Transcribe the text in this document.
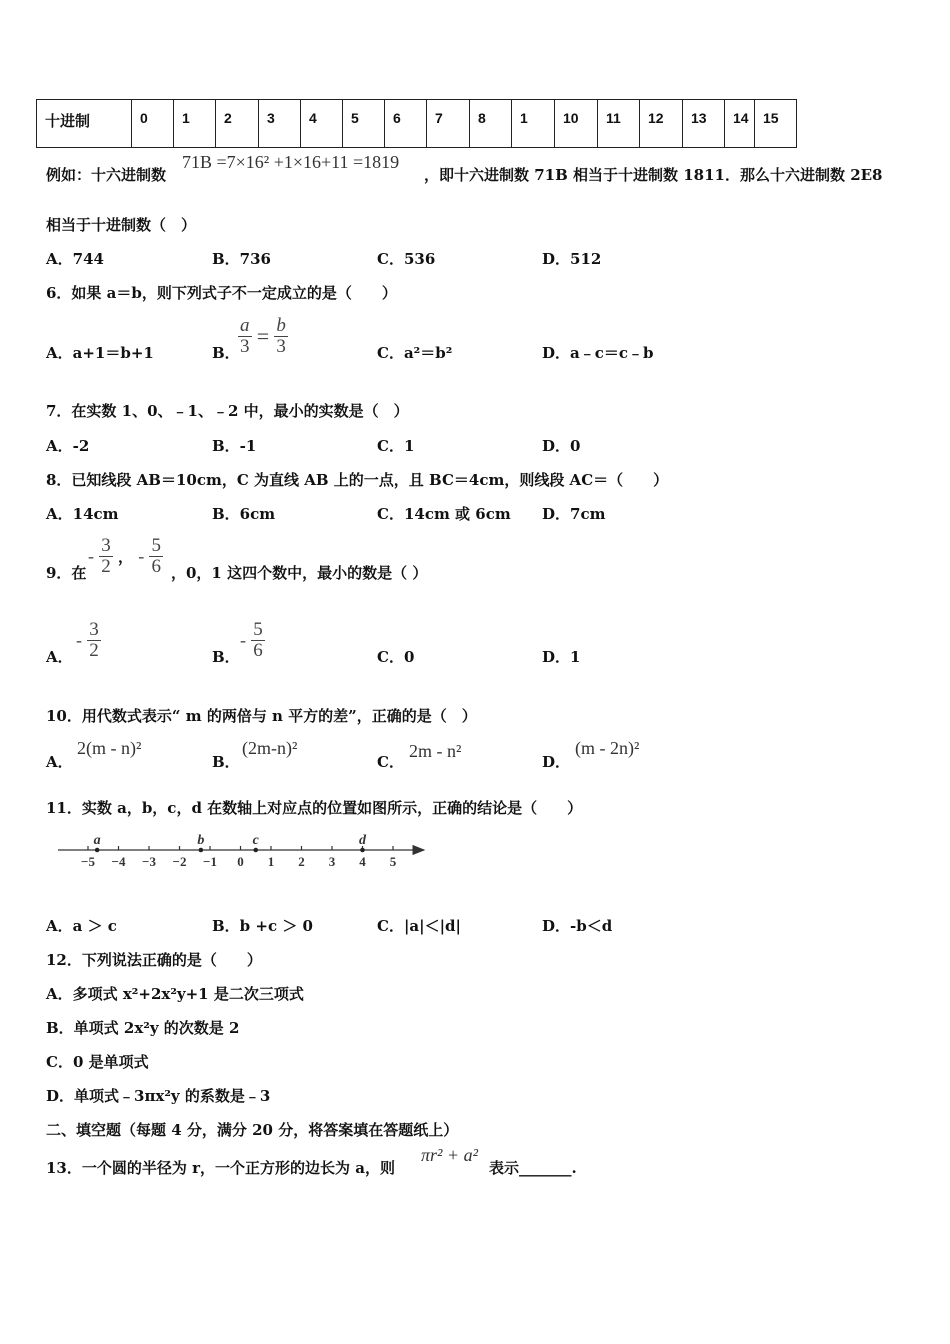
十进制	0	1	2	3	4	5	6	7	8	1	10	11	12	13	14	15
例如：十六进制数
71B =7×16² +1×16+11 =1819
，即十六进制数 71B 相当于十进制数 1811．那么十六进制数 2E8
相当于十进制数（　）
A．744	B．736	C．536	D．512
6．如果 a＝b，则下列式子不一定成立的是（　　）
A．a+1＝b+1	B．
$\frac{a}{3} = \frac{b}{3}$	C．a²＝b²	D．a﹣c＝c﹣b
7．在实数 1、0、﹣1、﹣2 中，最小的实数是（　）
A．-2	B．-1	C．1	D．0
8．已知线段 AB＝10cm，C 为直线 AB 上的一点，且 BC＝4cm，则线段 AC＝（　　）
A．14cm	B．6cm	C．14cm 或 6cm D．7cm
9．在
- $\frac{3}{2}$ ， - $\frac{5}{6}$ ，0，1 这四个数中，最小的数是（ ）
A．
- $\frac{3}{2}$	B．
- $\frac{5}{6}$	C．0	D．1
10．用代数式表示“ m 的两倍与 n 平方的差”，正确的是（　）
A．
2(m - n)²
B．
(2m-n)²
C．
2m - n²
D．
(m - 2n)²
11．实数 a，b，c，d 在数轴上对应点的位置如图所示，正确的结论是（　　）
−5 −4 −3 −2 −1 0 1 2 3 4 5
a	b	c	d
A．a ＞ c	B．b +c ＞ 0	C．|a|＜|d|	D．-b＜d
12．下列说法正确的是（　　）
A．多项式 x²+2x²y+1 是二次三项式
B．单项式 2x²y 的次数是 2
C．0 是单项式
D．单项式﹣3πx²y 的系数是﹣3
二、填空题（每题 4 分，满分 20 分，将答案填在答题纸上）
13．一个圆的半径为 r，一个正方形的边长为 a，则
πr² + a²
表示_______.
